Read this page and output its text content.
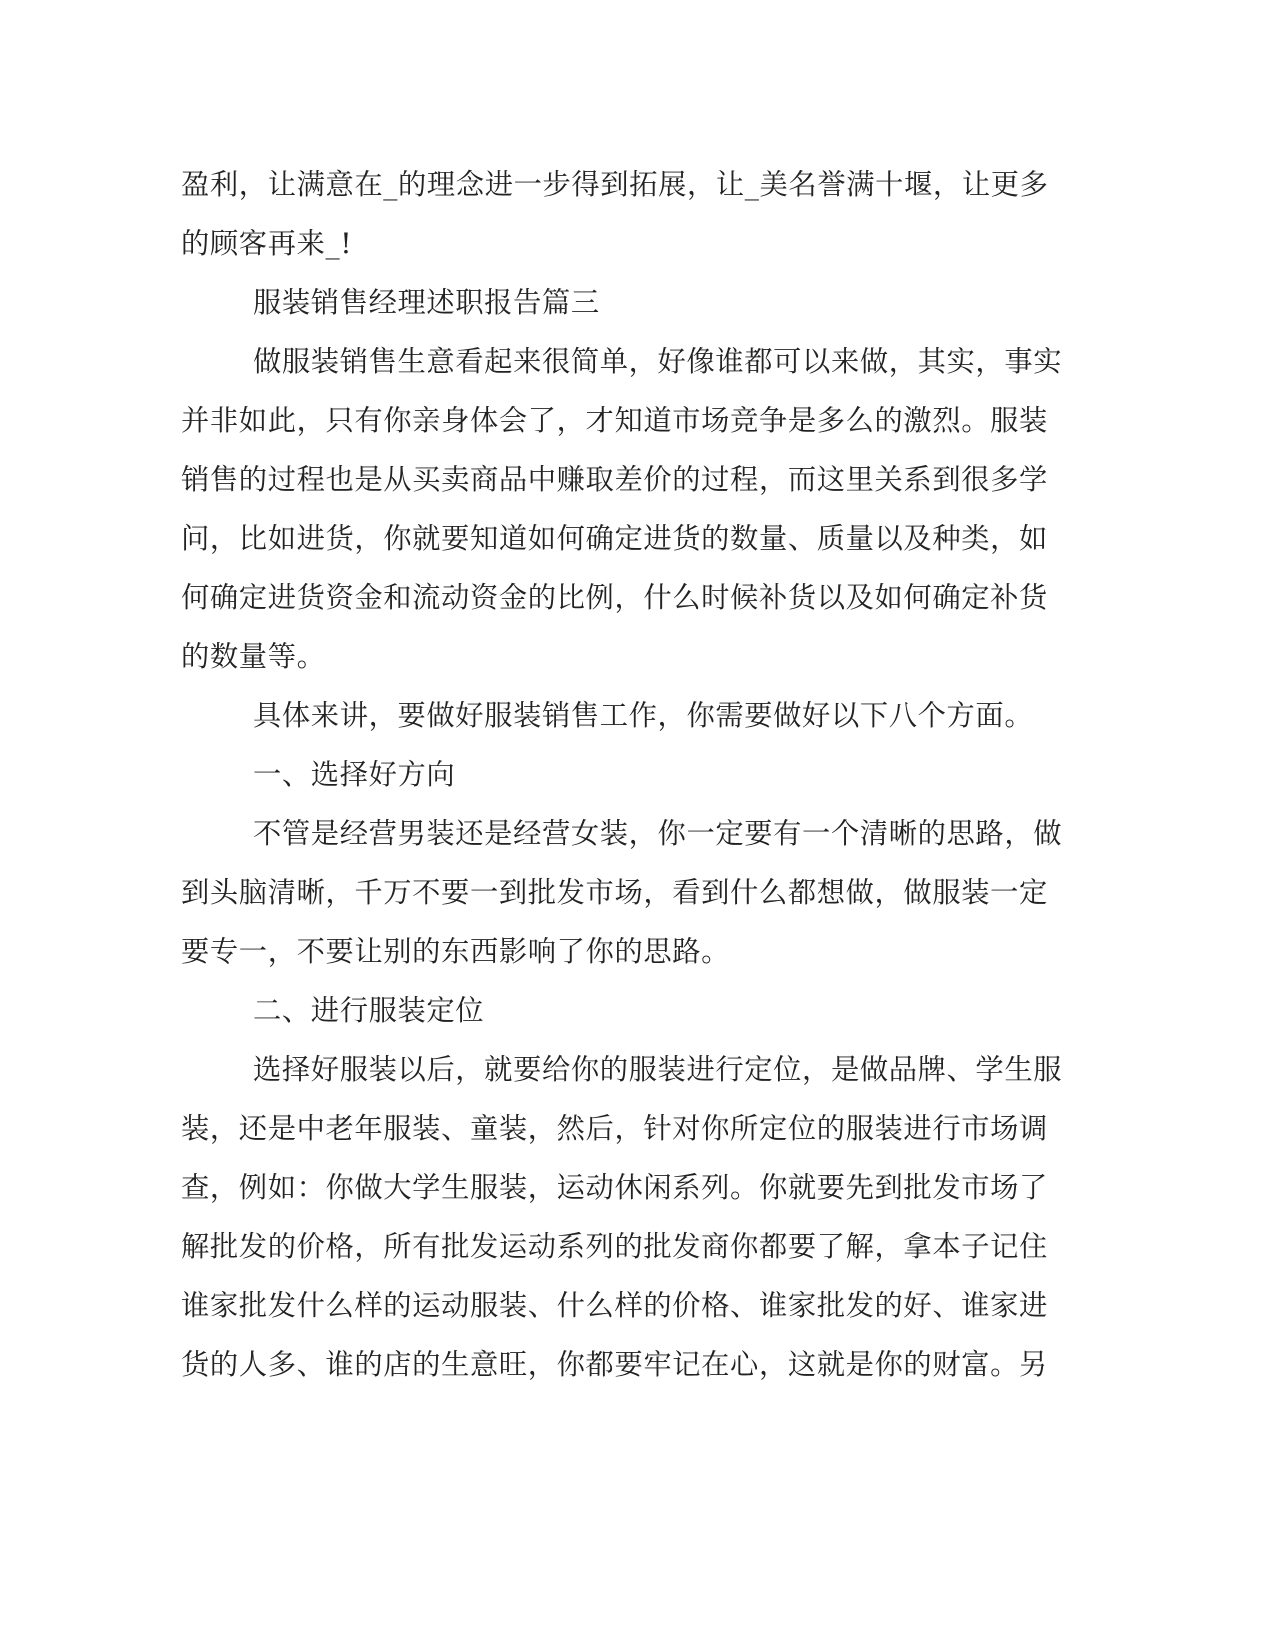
盈利，让满意在_的理念进一步得到拓展，让_美名誉满十堰，让更多
的顾客再来_!
服装销售经理述职报告篇三
做服装销售生意看起来很简单，好像谁都可以来做，其实，事实
并非如此，只有你亲身体会了，才知道市场竞争是多么的激烈。服装
销售的过程也是从买卖商品中赚取差价的过程，而这里关系到很多学
问，比如进货，你就要知道如何确定进货的数量、质量以及种类，如
何确定进货资金和流动资金的比例，什么时候补货以及如何确定补货
的数量等。
具体来讲，要做好服装销售工作，你需要做好以下八个方面。
一、选择好方向
不管是经营男装还是经营女装，你一定要有一个清晰的思路，做
到头脑清晰，千万不要一到批发市场，看到什么都想做，做服装一定
要专一，不要让别的东西影响了你的思路。
二、进行服装定位
选择好服装以后，就要给你的服装进行定位，是做品牌、学生服
装，还是中老年服装、童装，然后，针对你所定位的服装进行市场调
查，例如：你做大学生服装，运动休闲系列。你就要先到批发市场了
解批发的价格，所有批发运动系列的批发商你都要了解，拿本子记住
谁家批发什么样的运动服装、什么样的价格、谁家批发的好、谁家进
货的人多、谁的店的生意旺，你都要牢记在心，这就是你的财富。另
